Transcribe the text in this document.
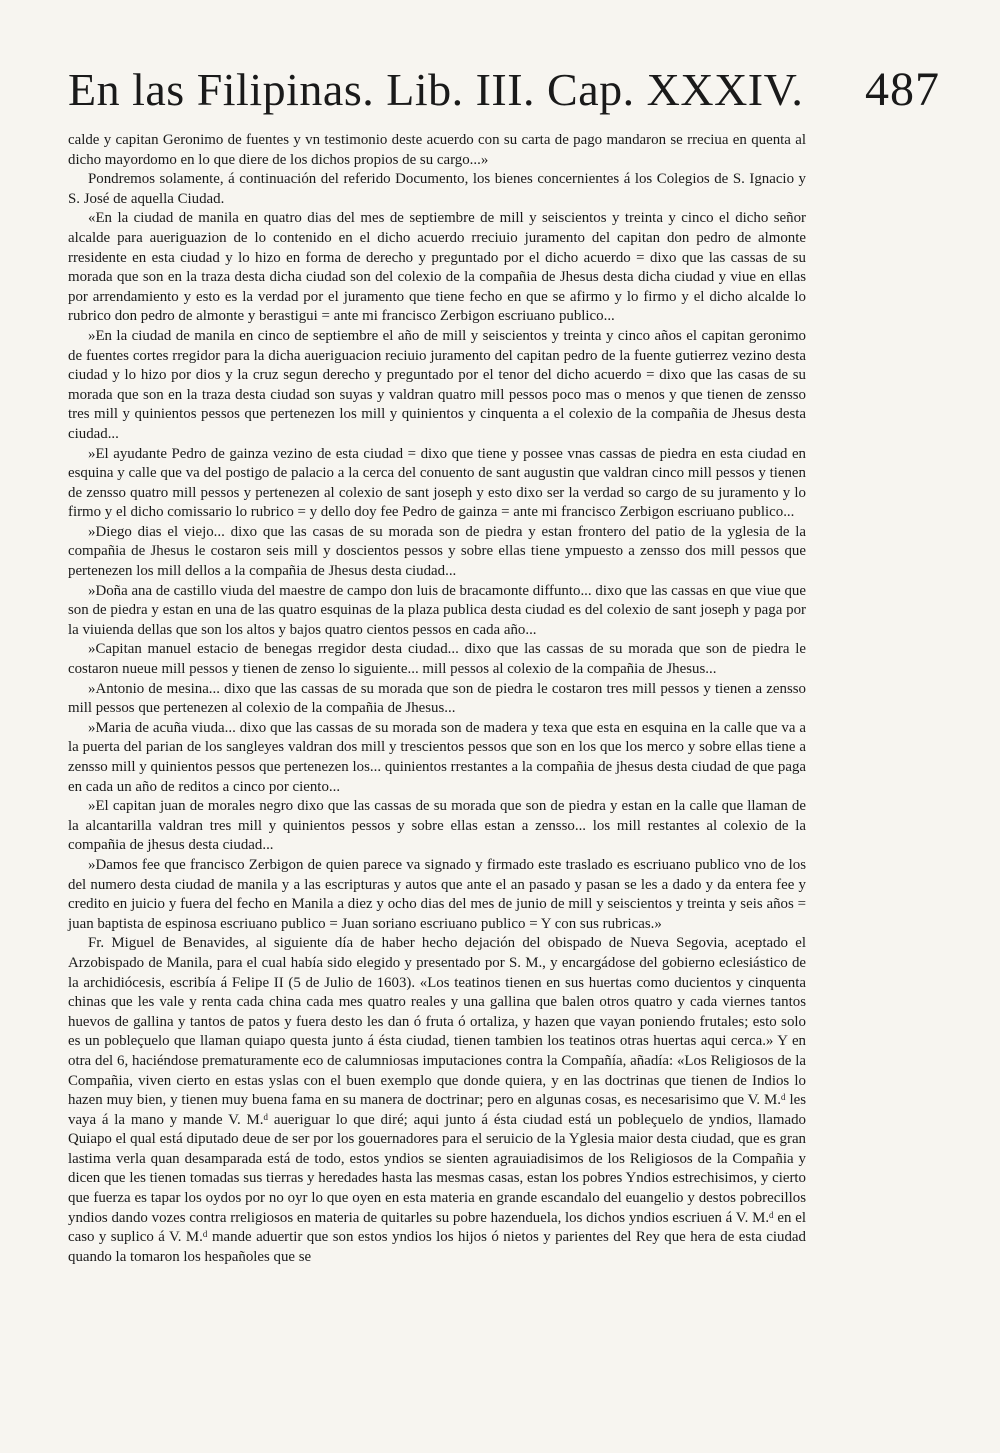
En las Filipinas. Lib. III. Cap. XXXIV. 487

calde y capitan Geronimo de fuentes y vn testimonio deste acuerdo con su carta de pago mandaron se rreciua en quenta al dicho mayordomo en lo que diere de los dichos propios de su cargo...»

Pondremos solamente, á continuación del referido Documento, los bienes concernientes á los Colegios de S. Ignacio y S. José de aquella Ciudad.

«En la ciudad de manila en quatro dias del mes de septiembre de mill y seiscientos y treinta y cinco el dicho señor alcalde para aueriguazion de lo contenido en el dicho acuerdo rreciuio juramento del capitan don pedro de almonte rresidente en esta ciudad y lo hizo en forma de derecho y preguntado por el dicho acuerdo = dixo que las cassas de su morada que son en la traza desta dicha ciudad son del colexio de la compañia de Jhesus desta dicha ciudad y viue en ellas por arrendamiento y esto es la verdad por el juramento que tiene fecho en que se afirmo y lo firmo y el dicho alcalde lo rubrico don pedro de almonte y berastigui = ante mi francisco Zerbigon escriuano publico...

»En la ciudad de manila en cinco de septiembre el año de mill y seiscientos y treinta y cinco años el capitan geronimo de fuentes cortes rregidor para la dicha aueriguacion reciuio juramento del capitan pedro de la fuente gutierrez vezino desta ciudad y lo hizo por dios y la cruz segun derecho y preguntado por el tenor del dicho acuerdo = dixo que las casas de su morada que son en la traza desta ciudad son suyas y valdran quatro mill pessos poco mas o menos y que tienen de zensso tres mill y quinientos pessos que pertenezen los mill y quinientos y cinquenta a el colexio de la compañia de Jhesus desta ciudad...

»El ayudante Pedro de gainza vezino de esta ciudad = dixo que tiene y possee vnas cassas de piedra en esta ciudad en esquina y calle que va del postigo de palacio a la cerca del conuento de sant augustin que valdran cinco mill pessos y tienen de zensso quatro mill pessos y pertenezen al colexio de sant joseph y esto dixo ser la verdad so cargo de su juramento y lo firmo y el dicho comissario lo rubrico = y dello doy fee Pedro de gainza = ante mi francisco Zerbigon escriuano publico...

»Diego dias el viejo... dixo que las casas de su morada son de piedra y estan frontero del patio de la yglesia de la compañia de Jhesus le costaron seis mill y doscientos pessos y sobre ellas tiene ympuesto a zensso dos mill pessos que pertenezen los mill dellos a la compañia de Jhesus desta ciudad...

»Doña ana de castillo viuda del maestre de campo don luis de bracamonte diffunto... dixo que las cassas en que viue que son de piedra y estan en una de las quatro esquinas de la plaza publica desta ciudad es del colexio de sant joseph y paga por la viuienda dellas que son los altos y bajos quatro cientos pessos en cada año...

»Capitan manuel estacio de benegas rregidor desta ciudad... dixo que las cassas de su morada que son de piedra le costaron nueue mill pessos y tienen de zenso lo siguiente... mill pessos al colexio de la compañia de Jhesus...

»Antonio de mesina... dixo que las cassas de su morada que son de piedra le costaron tres mill pessos y tienen a zensso mill pessos que pertenezen al colexio de la compañia de Jhesus...

»Maria de acuña viuda... dixo que las cassas de su morada son de madera y texa que esta en esquina en la calle que va a la puerta del parian de los sangleyes valdran dos mill y trescientos pessos que son en los que los merco y sobre ellas tiene a zensso mill y quinientos pessos que pertenezen los... quinientos rrestantes a la compañia de jhesus desta ciudad de que paga en cada un año de reditos a cinco por ciento...

»El capitan juan de morales negro dixo que las cassas de su morada que son de piedra y estan en la calle que llaman de la alcantarilla valdran tres mill y quinientos pessos y sobre ellas estan a zensso... los mill restantes al colexio de la compañia de jhesus desta ciudad...

»Damos fee que francisco Zerbigon de quien parece va signado y firmado este traslado es escriuano publico vno de los del numero desta ciudad de manila y a las escripturas y autos que ante el an pasado y pasan se les a dado y da entera fee y credito en juicio y fuera del fecho en Manila a diez y ocho dias del mes de junio de mill y seiscientos y treinta y seis años = juan baptista de espinosa escriuano publico = Juan soriano escriuano publico = Y con sus rubricas.»

Fr. Miguel de Benavides, al siguiente día de haber hecho dejación del obispado de Nueva Segovia, aceptado el Arzobispado de Manila, para el cual había sido elegido y presentado por S. M., y encargádose del gobierno eclesiástico de la archidiócesis, escribía á Felipe II (5 de Julio de 1603). «Los teatinos tienen en sus huertas como ducientos y cinquenta chinas que les vale y renta cada china cada mes quatro reales y una gallina que balen otros quatro y cada viernes tantos huevos de gallina y tantos de patos y fuera desto les dan ó fruta ó ortaliza, y hazen que vayan poniendo frutales; esto solo es un pobleçuelo que llaman quiapo questa junto á ésta ciudad, tienen tambien los teatinos otras huertas aqui cerca.» Y en otra del 6, haciéndose prematuramente eco de calumniosas imputaciones contra la Compañía, añadía: «Los Religiosos de la Compañia, viven cierto en estas yslas con el buen exemplo que donde quiera, y en las doctrinas que tienen de Indios lo hazen muy bien, y tienen muy buena fama en su manera de doctrinar; pero en algunas cosas, es necesarisimo que V. M.ᵈ les vaya á la mano y mande V. M.ᵈ aueriguar lo que diré; aqui junto á ésta ciudad está un pobleçuelo de yndios, llamado Quiapo el qual está diputado deue de ser por los gouernadores para el seruicio de la Yglesia maior desta ciudad, que es gran lastima verla quan desamparada está de todo, estos yndios se sienten agrauiadisimos de los Religiosos de la Compañia y dicen que les tienen tomadas sus tierras y heredades hasta las mesmas casas, estan los pobres Yndios estrechisimos, y cierto que fuerza es tapar los oydos por no oyr lo que oyen en esta materia en grande escandalo del euangelio y destos pobrecillos yndios dando vozes contra rreligiosos en materia de quitarles su pobre hazenduela, los dichos yndios escriuen á V. M.ᵈ en el caso y suplico á V. M.ᵈ mande aduertir que son estos yndios los hijos ó nietos y parientes del Rey que hera de esta ciudad quando la tomaron los hespañoles que se
